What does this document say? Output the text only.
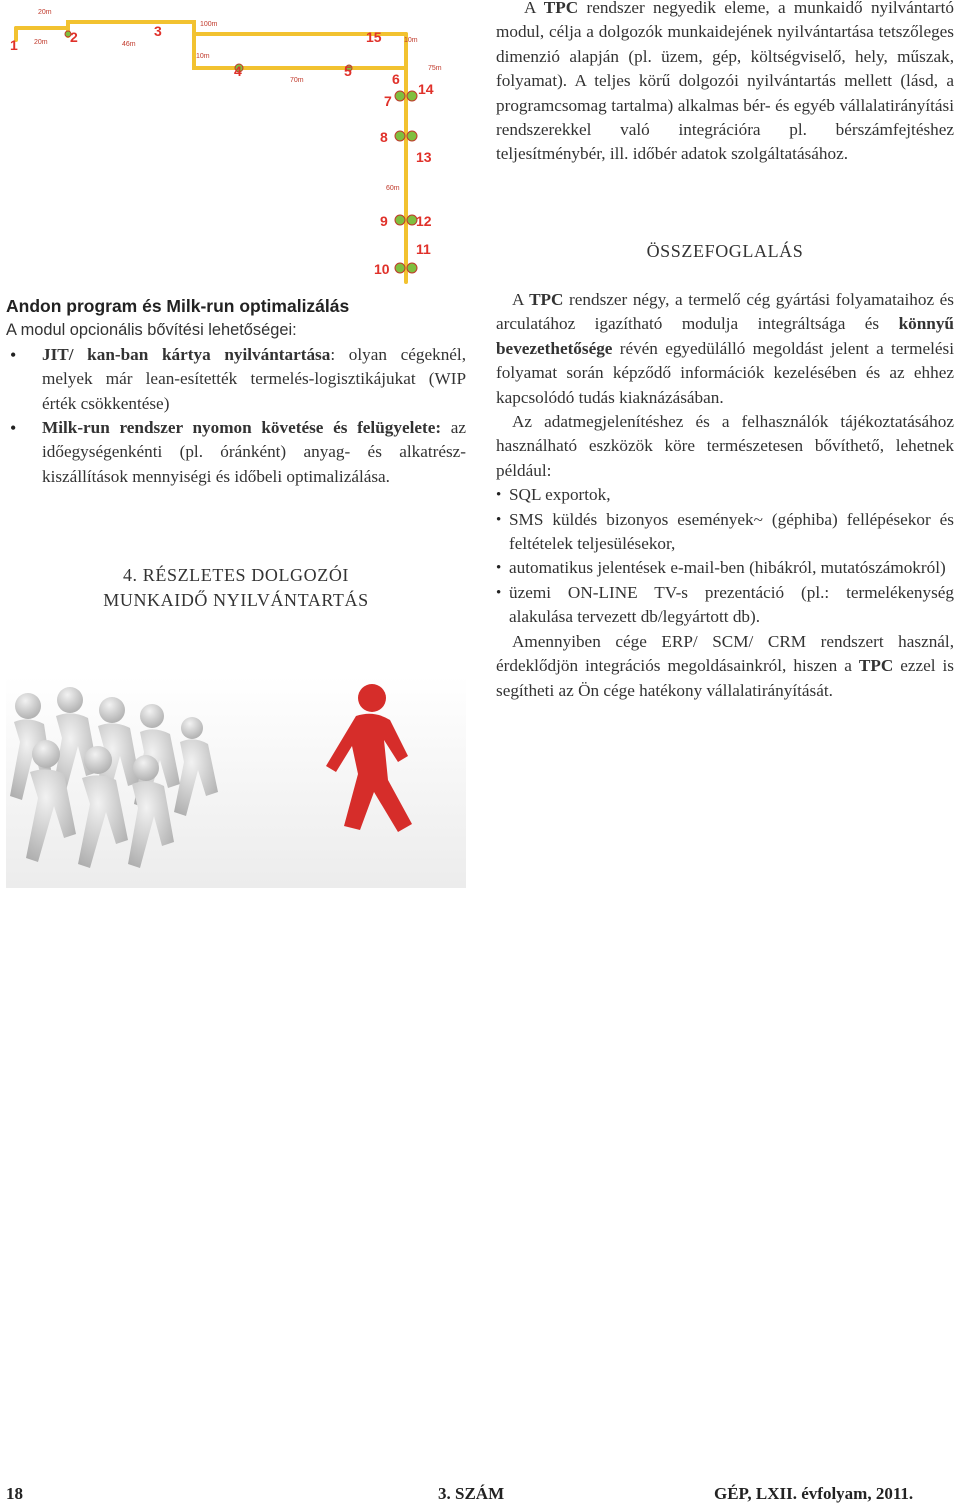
20m
20m	46m
100m
10m
70m
10m
75m
60m
1	2	3
4	5	6
7
8
9
10
11
12
13
14
15

A TPC rendszer negyedik eleme, a munkaidő nyilvántartó modul, célja a dolgozók munkaidejének nyilvántartása tetszőleges dimenzió alapján (pl. üzem, gép, költségviselő, hely, műszak, folyamat). A teljes körű dolgozói nyilvántartás mellett (lásd, a programcsomag tartalma) alkalmas bér- és egyéb vállalatirányítási rendszerekkel való integrációra pl. bérszámfejtéshez teljesítménybér, ill. időbér adatok szolgáltatásához.

ÖSSZEFOGLALÁS

A TPC rendszer négy, a termelő cég gyártási folyamataihoz és arculatához igazítható modulja integráltsága és könnyű bevezethetősége révén egyedülálló megoldást jelent a termelési folyamat során képződő információk kezelésében és az ehhez kapcsolódó tudás kiaknázásában.

Az adatmegjelenítéshez és a felhasználók tájékoztatásához használható eszközök köre természetesen bővíthető, lehetnek például:

• SQL exportok,
• SMS küldés bizonyos események~ (géphiba) fellépésekor és feltételek teljesülésekor,
• automatikus jelentések e-mail-ben (hibákról, mutatószámokról)
• üzemi ON-LINE TV-s prezentáció (pl.: termelékenység alakulása tervezett db/legyártott db).

Amennyiben cége ERP/ SCM/ CRM rendszert használ, érdeklődjön integrációs megoldásainkról, hiszen a TPC ezzel is segítheti az Ön cége hatékony vállalatirányítását.

Andon program és Milk-run optimalizálás

A modul opcionális bővítési lehetőségei:

• JIT/ kan-ban kártya nyilvántartása: olyan cégeknél, melyek már lean-esítették termelés-logisztikájukat (WIP érték csökkentése)
• Milk-run rendszer nyomon követése és felügyelete: az időegységenkénti (pl. óránként) anyag- és alkatrész-kiszállítások mennyiségi és időbeli optimalizálása.
4. RÉSZLETES DOLGOZÓI
MUNKAIDŐ NYILVÁNTARTÁS
18	3. SZÁM	GÉP, LXII. évfolyam, 2011.
